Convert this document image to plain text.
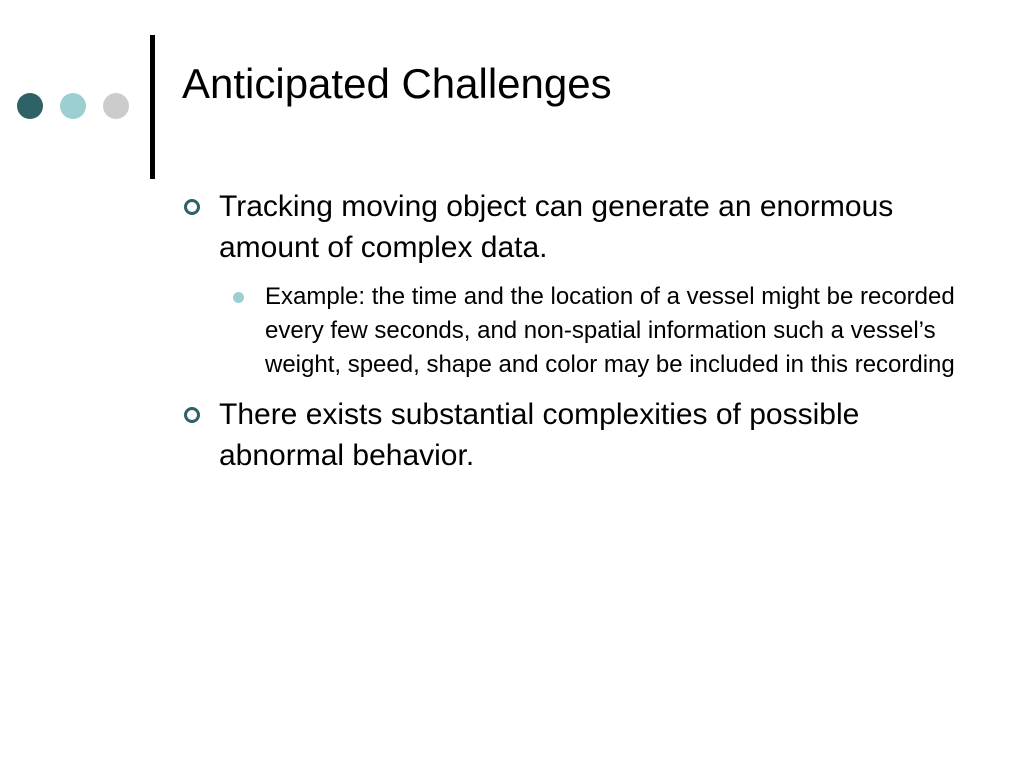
Anticipated Challenges
Tracking moving object can generate an enormous amount of complex data.
Example: the time and the location of a vessel might be recorded every few seconds, and non-spatial information such a vessel’s weight, speed, shape and color may be included in this recording
There exists substantial complexities of possible abnormal behavior.
